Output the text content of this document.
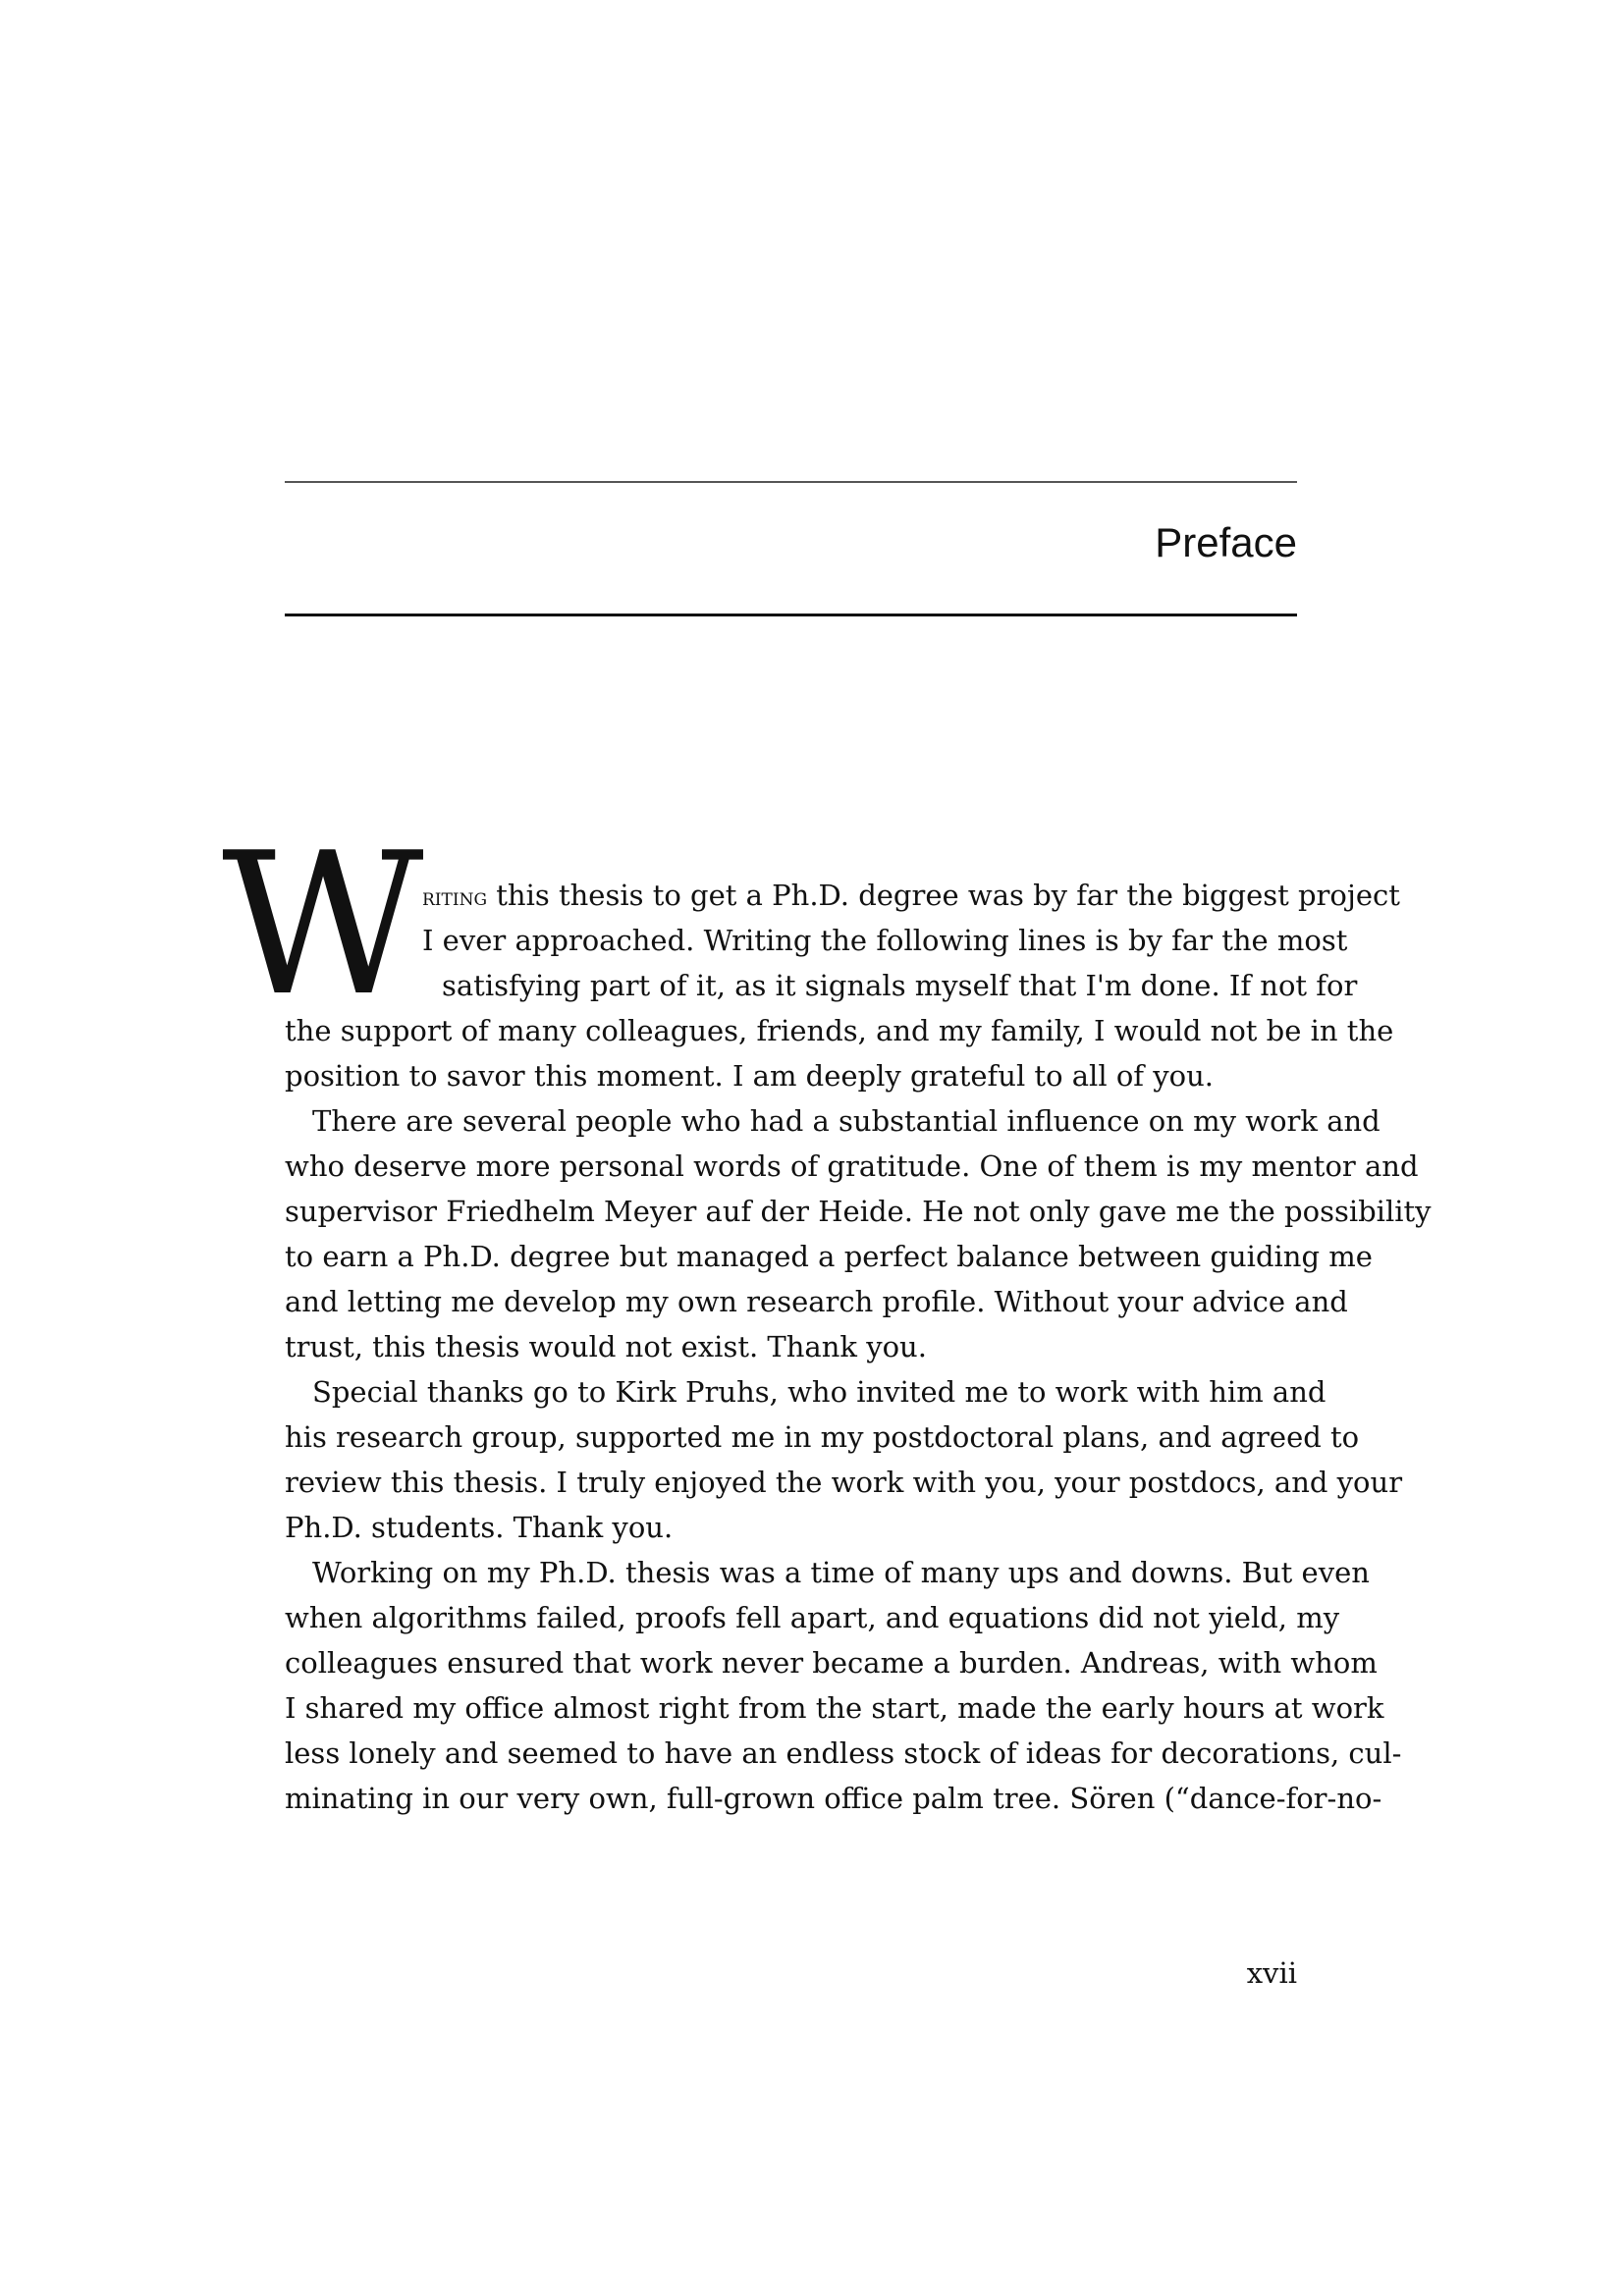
Preface
W
riting this thesis to get a Ph.D. degree was by far the biggest project
I ever approached. Writing the following lines is by far the most
satisfying part of it, as it signals myself that I'm done. If not for
the support of many colleagues, friends, and my family, I would not be in the
position to savor this moment. I am deeply grateful to all of you.
There are several people who had a substantial influence on my work and
who deserve more personal words of gratitude. One of them is my mentor and
supervisor Friedhelm Meyer auf der Heide. He not only gave me the possibility
to earn a Ph.D. degree but managed a perfect balance between guiding me
and letting me develop my own research profile. Without your advice and
trust, this thesis would not exist. Thank you.
Special thanks go to Kirk Pruhs, who invited me to work with him and
his research group, supported me in my postdoctoral plans, and agreed to
review this thesis. I truly enjoyed the work with you, your postdocs, and your
Ph.D. students. Thank you.
Working on my Ph.D. thesis was a time of many ups and downs. But even
when algorithms failed, proofs fell apart, and equations did not yield, my
colleagues ensured that work never became a burden. Andreas, with whom
I shared my office almost right from the start, made the early hours at work
less lonely and seemed to have an endless stock of ideas for decorations, cul-
minating in our very own, full-grown office palm tree. Sören (“dance-for-no-
xvii
